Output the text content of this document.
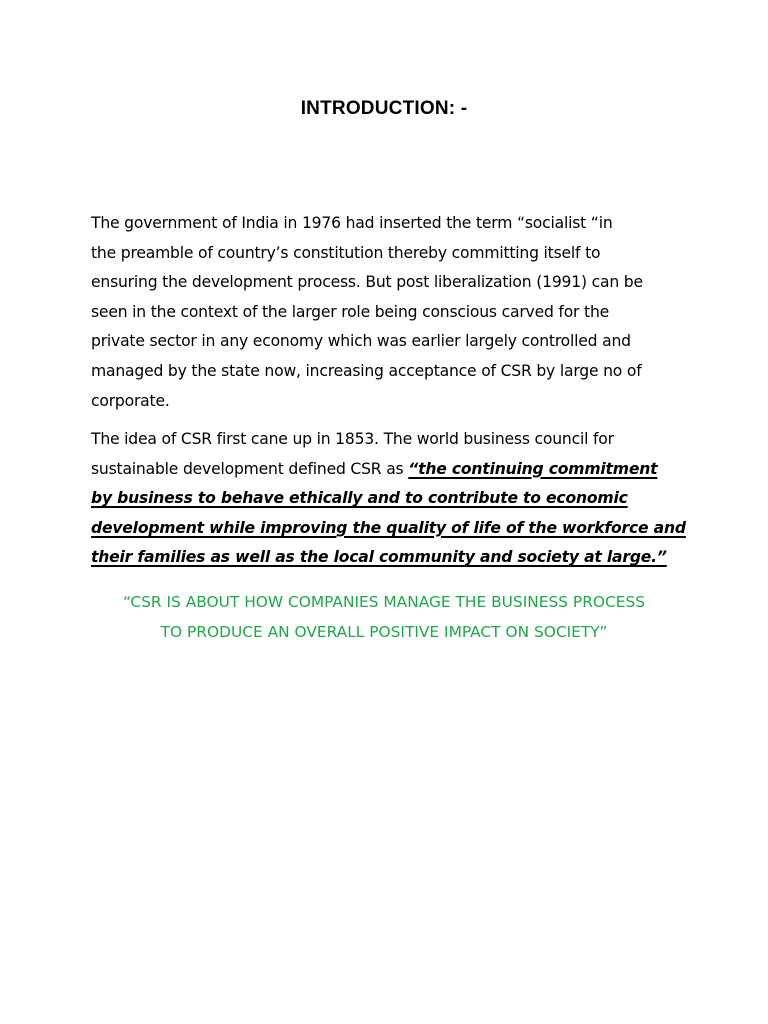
INTRODUCTION: -
The government of India in 1976 had inserted the term “socialist “in
the preamble of country’s constitution thereby committing itself to
ensuring the development process. But post liberalization (1991) can be
seen in the context of the larger role being conscious carved for the
private sector in any economy which was earlier largely controlled and
managed by the state now, increasing acceptance of CSR by large no of
corporate.
The idea of CSR first cane up in 1853. The world business council for
sustainable development defined CSR as “the continuing commitment
by business to behave ethically and to contribute to economic
development while improving the quality of life of the workforce and
their families as well as the local community and society at large.”
“CSR IS ABOUT HOW COMPANIES MANAGE THE BUSINESS PROCESS
TO PRODUCE AN OVERALL POSITIVE IMPACT ON SOCIETY”
